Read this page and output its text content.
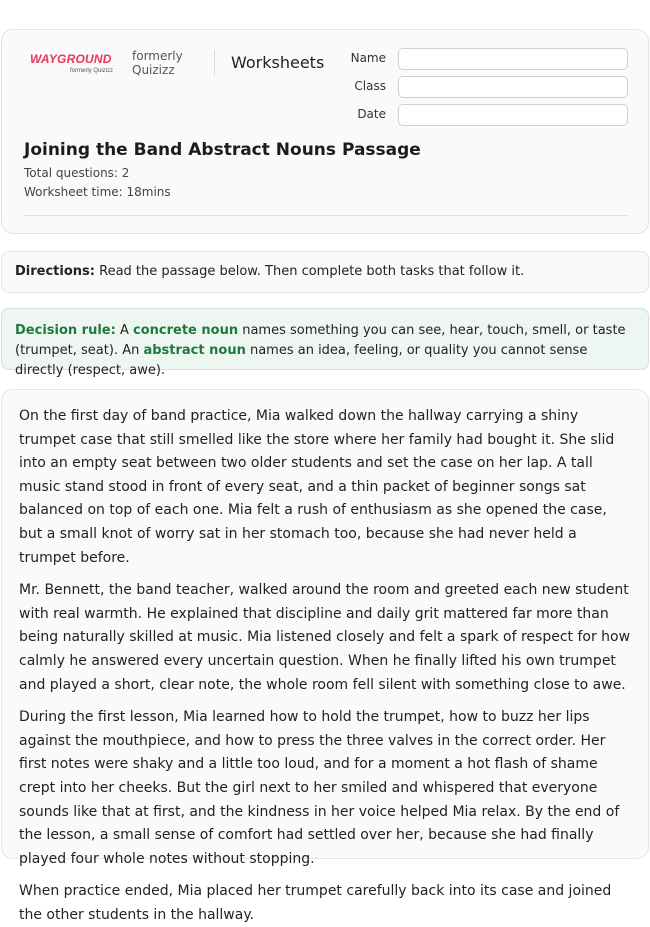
WAYGROUND
formerly Quizizz
formerly Quizizz	Worksheets	Name
Class
Date
Joining the Band Abstract Nouns Passage
Total questions: 2
Worksheet time: 18mins
Directions: Read the passage below. Then complete both tasks that follow it.
Decision rule: A concrete noun names something you can see, hear, touch, smell, or taste (trumpet, seat). An abstract noun names an idea, feeling, or quality you cannot sense directly (respect, awe).

On the first day of band practice, Mia walked down the hallway carrying a shiny trumpet case that still smelled like the store where her family had bought it. She slid into an empty seat between two older students and set the case on her lap. A tall music stand stood in front of every seat, and a thin packet of beginner songs sat balanced on top of each one. Mia felt a rush of enthusiasm as she opened the case, but a small knot of worry sat in her stomach too, because she had never held a trumpet before.

Mr. Bennett, the band teacher, walked around the room and greeted each new student with real warmth. He explained that discipline and daily grit mattered far more than being naturally skilled at music. Mia listened closely and felt a spark of respect for how calmly he answered every uncertain question. When he finally lifted his own trumpet and played a short, clear note, the whole room fell silent with something close to awe.

During the first lesson, Mia learned how to hold the trumpet, how to buzz her lips against the mouthpiece, and how to press the three valves in the correct order. Her first notes were shaky and a little too loud, and for a moment a hot flash of shame crept into her cheeks. But the girl next to her smiled and whispered that everyone sounds like that at first, and the kindness in her voice helped Mia relax. By the end of the lesson, a small sense of comfort had settled over her, because she had finally played four whole notes without stopping.

When practice ended, Mia placed her trumpet carefully back into its case and joined the other students in the hallway.
